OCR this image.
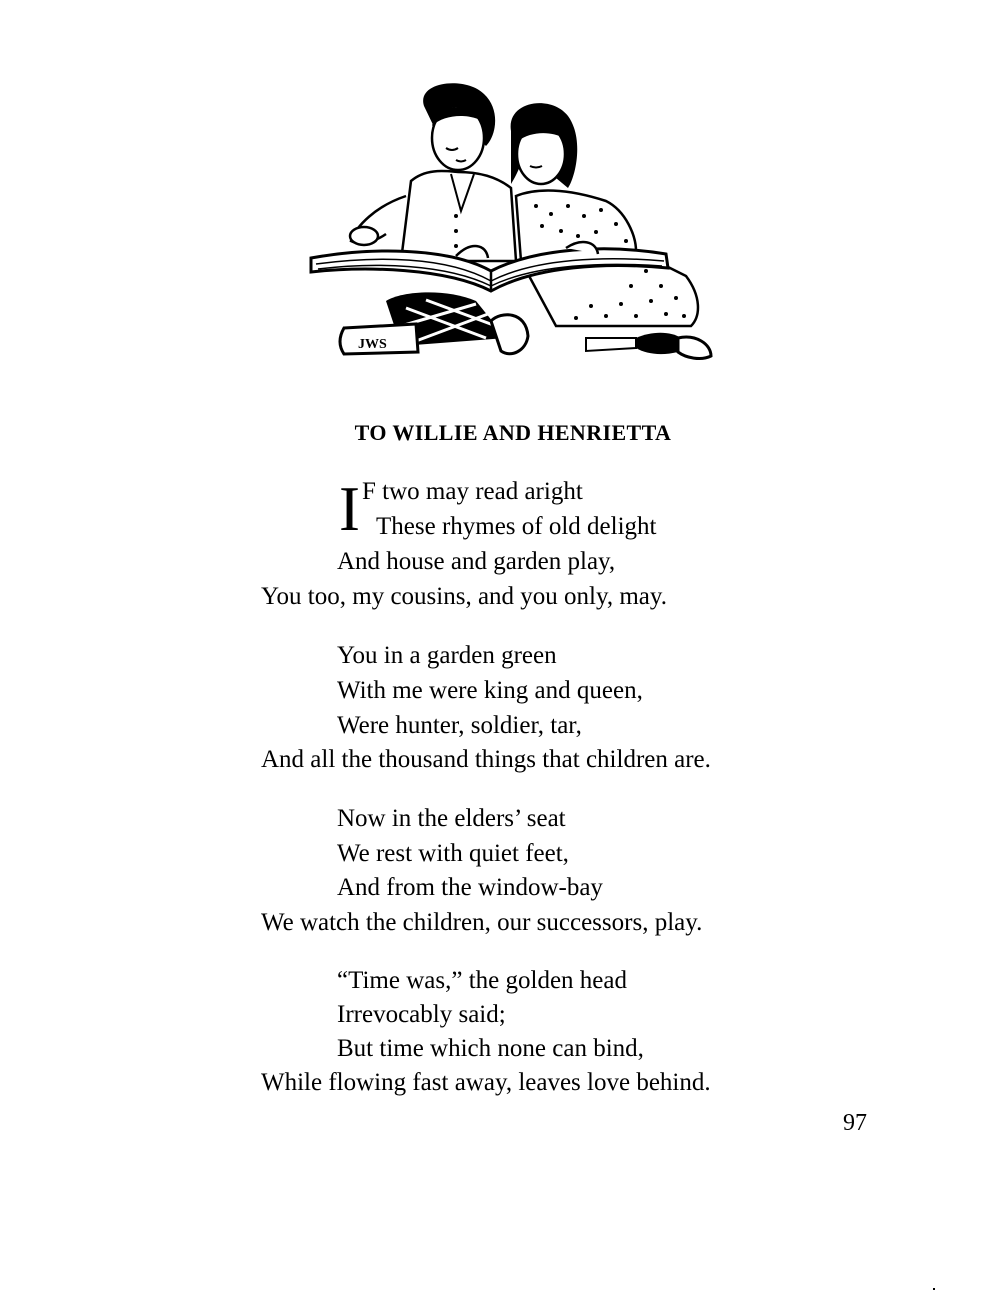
JWS
TO WILLIE AND HENRIETTA
I F two may read aright
These rhymes of old delight
And house and garden play,
You too, my cousins, and you only, may.
You in a garden green
With me were king and queen,
Were hunter, soldier, tar,
And all the thousand things that children are.
Now in the elders’ seat
We rest with quiet feet,
And from the window-bay
We watch the children, our successors, play.
“Time was,” the golden head
Irrevocably said;
But time which none can bind,
While flowing fast away, leaves love behind.
97
